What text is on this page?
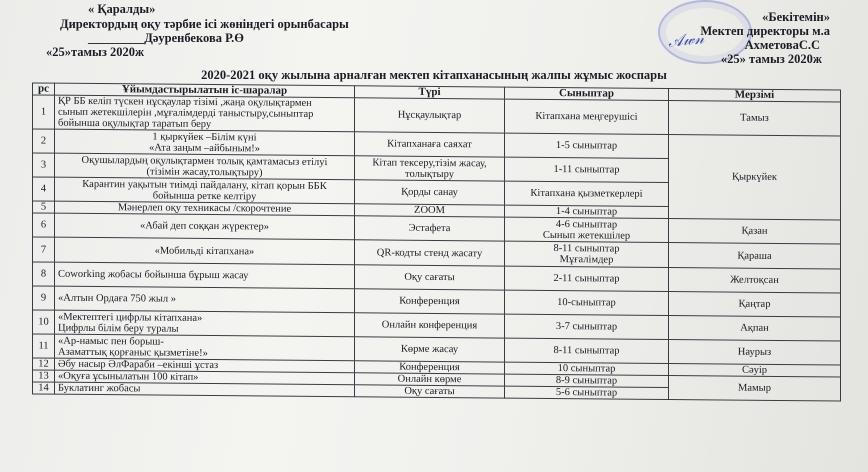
« Қаралды»
Директордың оқу тәрбие ісі жөніндегі орынбасары
_________Дәуренбекова Р.Ө
«25»тамыз 2020ж
𝒜𝓌𝓃
«Бекітемін»
Мектеп директоры м.а
АхметоваС.С
«25» тамыз 2020ж
2020-2021 оқу жылына арналған мектеп кітапханасының жалпы жұмыс жоспары
рс	Ұйымдастырылатын іс-шаралар	Түрі	Сыныптар	Мерзімі
1	ҚР ББ келіп түскен нұсқаулар тізімі ,жаңа оқулықтармен
сынып жетекшілерін ,мұғалімдерді таныстыру,сыныптар
бойынша оқулықтар таратып беру	Нұсқаулықтар	Кітапхана меңгерушісі	Тамыз
2	1 қыркүйек –Білім күні
«Ата заңым –айбыным!»	Кітапханаға саяхат	1-5 сыныптар	Қыркүйек
3	Оқушылардың оқулықтармен толық қамтамасыз етілуі
(тізімін жасау,толықтыру)	Кітап тексеру,тізім жасау, толықтыру	1-11 сыныптар	
4	Карантин уақытын тиімді пайдалану, кітап қорын ББК
бойынша ретке келтіру	Қорды санау	Кітапхана қызметкерлері	
5	Мәнерлеп оқу техникасы /скорочтение	ZOOM	1-4 сыныптар	
6	«Абай деп соққан жүректер»	Эстафета	4-6 сыныптар
Сынып жетекшілер	Қазан
7	«Мобильді кітапхана»	QR-кодты стенд жасату	8-11 сыныптар
Мұғалімдер	Қараша
8	Coworking жобасы бойынша бұрыш жасау	Оқу сағаты	2-11 сыныптар	Желтоқсан
9	«Алтын Ордаға 750 жыл »	Конференция	10-сыныптар	Қаңтар
10	«Мектептегі цифрлы кітапхана»
Цифрлы білім беру туралы	Онлайн конференция	3-7 сыныптар	Ақпан
11	«Ар-намыс пен борыш-
Азаматтық қорғаныс қызметіне!»	Көрме жасау	8-11 сыныптар	Наурыз
12	Әбу насыр ӘлФараби –екінші ұстаз	Конференция	10 сыныптар	Сәуір
13	«Оқуға ұсынылатын 100 кітап»	Онлайн көрме	8-9 сыныптар	Мамыр
14	Буклатинг жобасы	Оқу сағаты	5-6 сыныптар	
